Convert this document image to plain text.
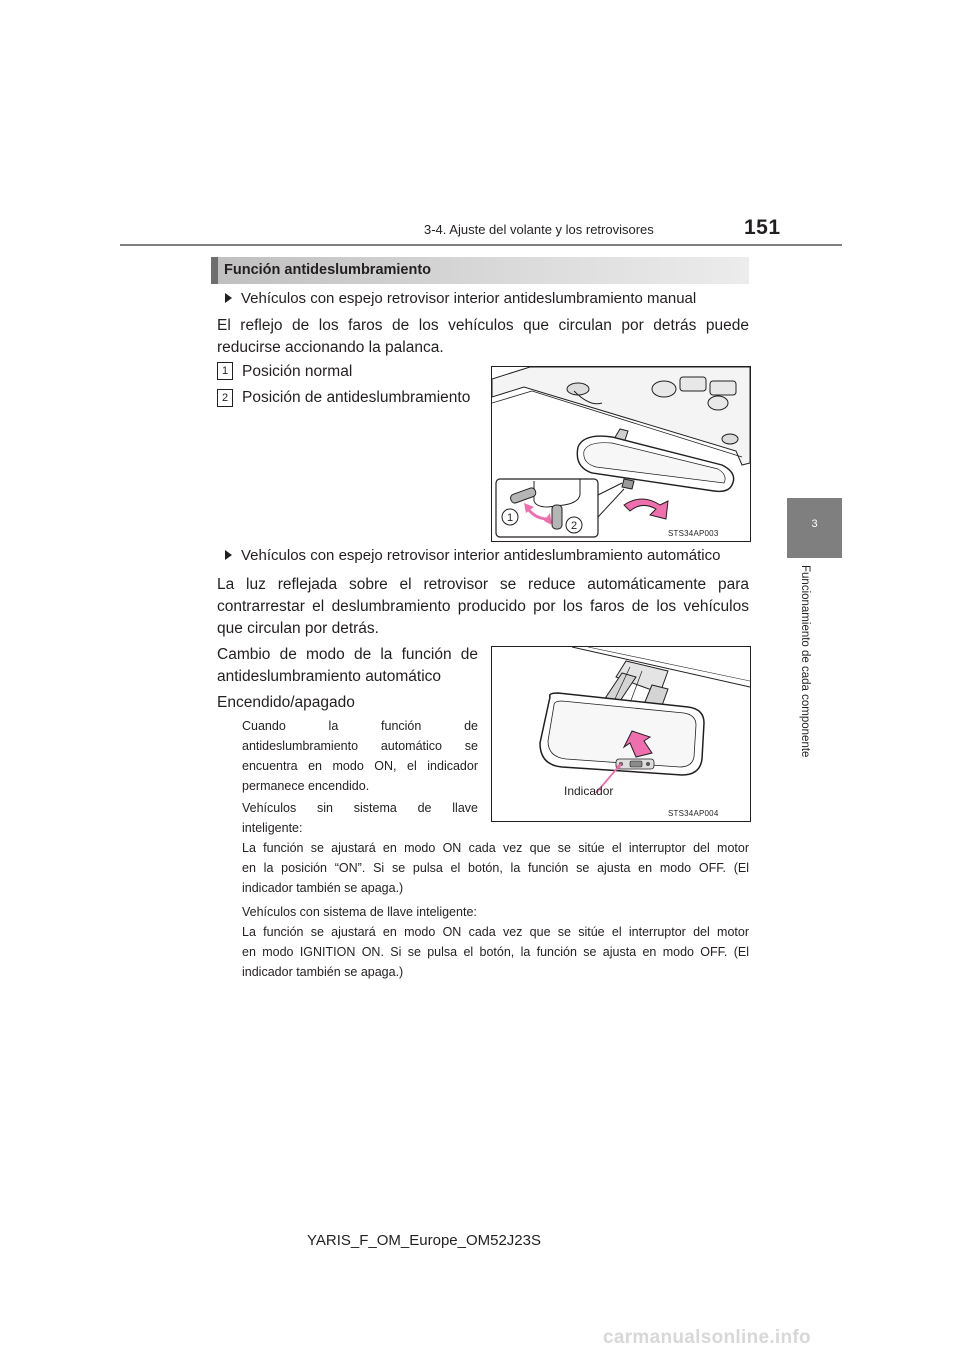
3-4. Ajuste del volante y los retrovisores	151
3
Funcionamiento de cada componente
Función antideslumbramiento
Vehículos con espejo retrovisor interior antideslumbramiento manual
El reflejo de los faros de los vehículos que circulan por detrás puede
reducirse accionando la palanca.
1 Posición normal
2 Posición de antideslumbramiento
1
2
STS34AP003
Vehículos con espejo retrovisor interior antideslumbramiento automático
La luz reflejada sobre el retrovisor se reduce automáticamente para
contrarrestar el deslumbramiento producido por los faros de los vehículos
que circulan por detrás.
Cambio de modo de la función de
antideslumbramiento automático
Encendido/apagado
Cuando la función de
antideslumbramiento automático se
encuentra en modo ON, el indicador
permanece encendido.
Vehículos sin sistema de llave
inteligente:
La función se ajustará en modo ON cada vez que se sitúe el interruptor del motor
en la posición “ON”. Si se pulsa el botón, la función se ajusta en modo OFF. (El
indicador también se apaga.)
Vehículos con sistema de llave inteligente:
La función se ajustará en modo ON cada vez que se sitúe el interruptor del motor
en modo IGNITION ON. Si se pulsa el botón, la función se ajusta en modo OFF. (El
indicador también se apaga.)
Indicador
STS34AP004
YARIS_F_OM_Europe_OM52J23S
carmanualsonline.info
